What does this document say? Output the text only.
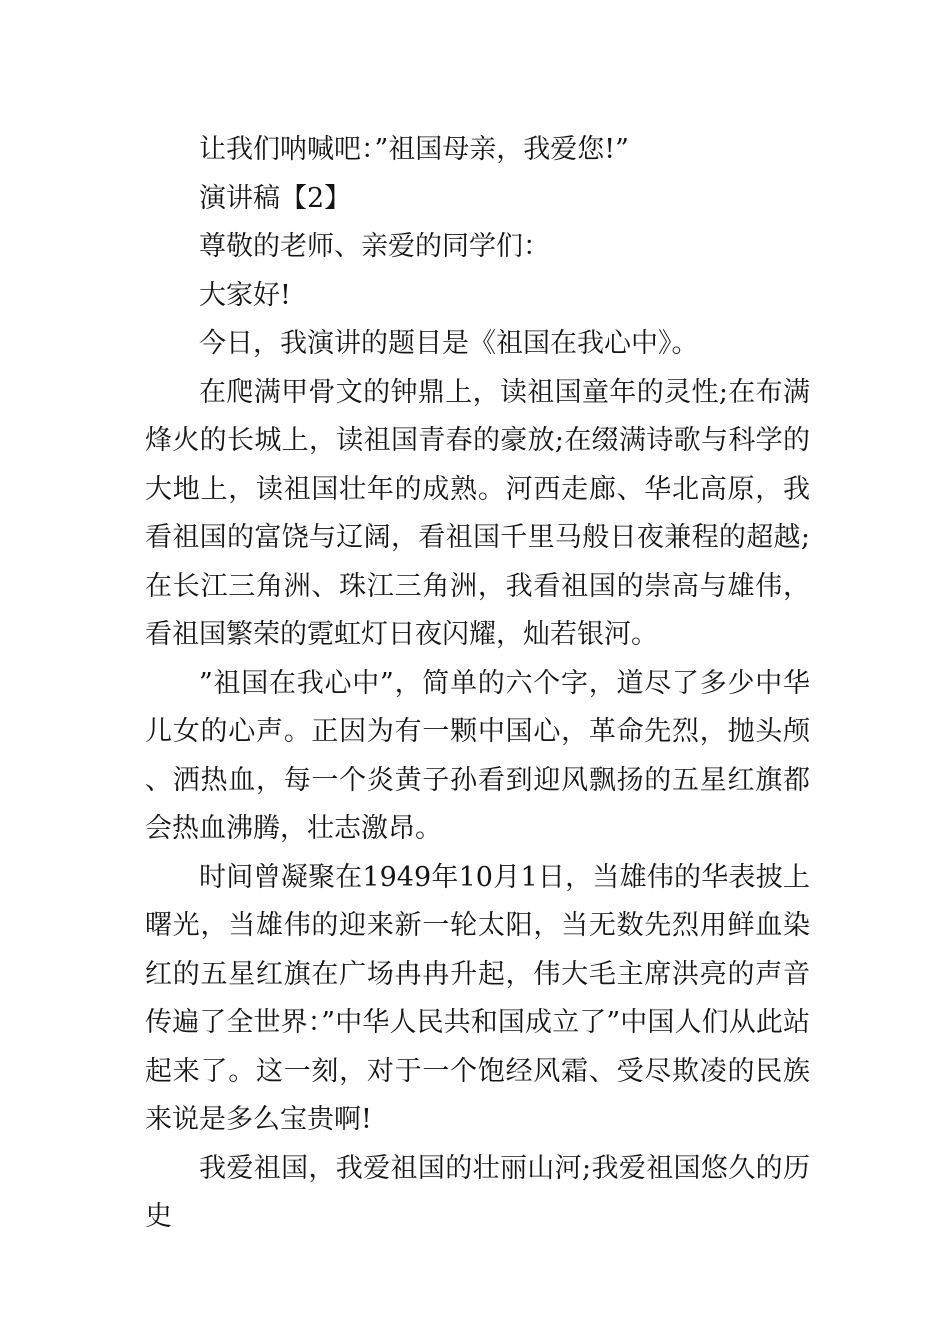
让我们呐喊吧：”祖国母亲，我爱您!”

演讲稿【2】

尊敬的老师、亲爱的同学们：

大家好!

今日，我演讲的题目是《祖国在我心中》。

在爬满甲骨文的钟鼎上，读祖国童年的灵性;在布满烽火的长城上，读祖国青春的豪放;在缀满诗歌与科学的大地上，读祖国壮年的成熟。河西走廊、华北高原，我看祖国的富饶与辽阔，看祖国千里马般日夜兼程的超越;在长江三角洲、珠江三角洲，我看祖国的崇高与雄伟，看祖国繁荣的霓虹灯日夜闪耀，灿若银河。

”祖国在我心中”，简单的六个字，道尽了多少中华儿女的心声。正因为有一颗中国心，革命先烈，抛头颅、洒热血，每一个炎黄子孙看到迎风飘扬的五星红旗都会热血沸腾，壮志激昂。

时间曾凝聚在1949年10月1日，当雄伟的华表披上曙光，当雄伟的迎来新一轮太阳，当无数先烈用鲜血染红的五星红旗在广场冉冉升起，伟大毛主席洪亮的声音传遍了全世界：”中华人民共和国成立了”中国人们从此站起来了。这一刻，对于一个饱经风霜、受尽欺凌的民族来说是多么宝贵啊!

我爱祖国，我爱祖国的壮丽山河;我爱祖国悠久的历史
